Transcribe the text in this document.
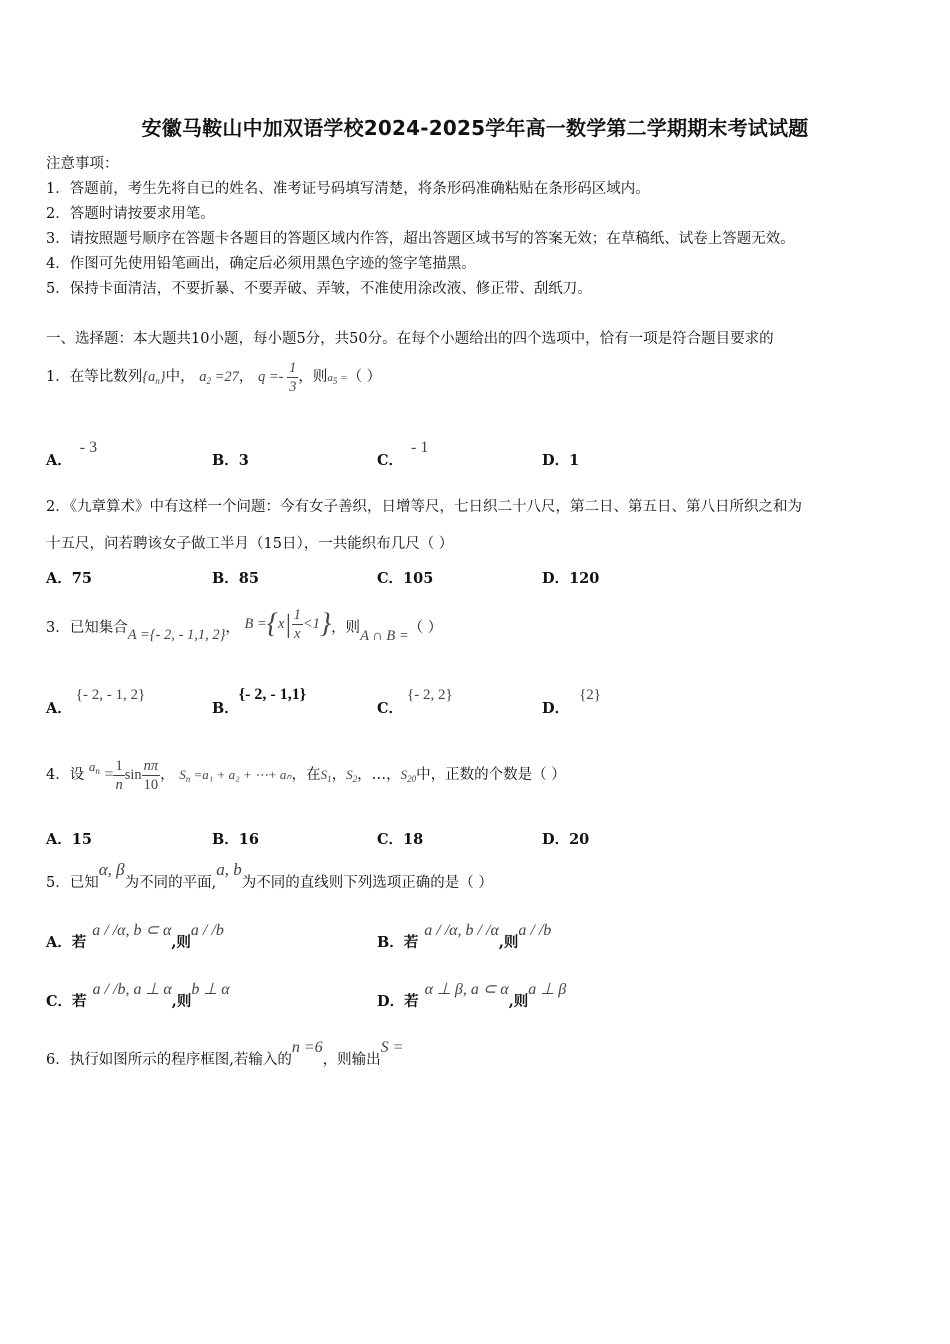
安徽马鞍山中加双语学校2024-2025学年高一数学第二学期期末考试试题
注意事项：
1．答题前，考生先将自已的姓名、准考证号码填写清楚，将条形码准确粘贴在条形码区域内。
2．答题时请按要求用笔。
3．请按照题号顺序在答题卡各题目的答题区域内作答，超出答题区域书写的答案无效；在草稿纸、试卷上答题无效。
4．作图可先使用铅笔画出，确定后必须用黑色字迹的签字笔描黑。
5．保持卡面清洁，不要折暴、不要弄破、弄皱，不准使用涂改液、修正带、刮纸刀。
一、选择题：本大题共10小题，每小题5分，共50分。在每个小题给出的四个选项中，恰有一项是符合题目要求的
1．在等比数列$\{a_n\}$中， $a_2 =27$， $q =- \frac{1}{3}$ ，则$a_5$ =（ ）
A．- 3
B．3	C．- 1
D．1
2．《九章算术》中有这样一个问题：今有女子善织，日增等尺，七日织二十八尺，第二日、第五日、第八日所织之和为
十五尺，问若聘该女子做工半月（15日），一共能织布几尺（ ）
A．75	B．85	C．105	D．120
3．已知集合A ={- 2, - 1,1, 2}， $B =\{x| \frac{1}{x} <1\}$，则A ∩ B =（ ）
A．{- 2, - 1, 2}
B．{- 2, - 1,1}
C．{- 2, 2}
D．{2}
4．设 $a_n = \frac{1}{n}$ $\sin \frac{n\pi}{10}$ ， $S_n =a_1 + a_2$ + ⋯+ aₙ，在$S_1$，$S_2$，…，$S_{20}$中，正数的个数是（ ）
A．15	B．16	C．18	D．20
5．已知α, β为不同的平面,a, b为不同的直线则下列选项正确的是（ ）
A．若a / /α, b ⊂ α,则a / /b
B．若a / /α, b / /α,则a / /b
C．若a / /b, a ⊥ α,则b ⊥ α
D．若α ⊥ β, a ⊂ α,则a ⊥ β
6．执行如图所示的程序框图,若输入的n =6，则输出S =
